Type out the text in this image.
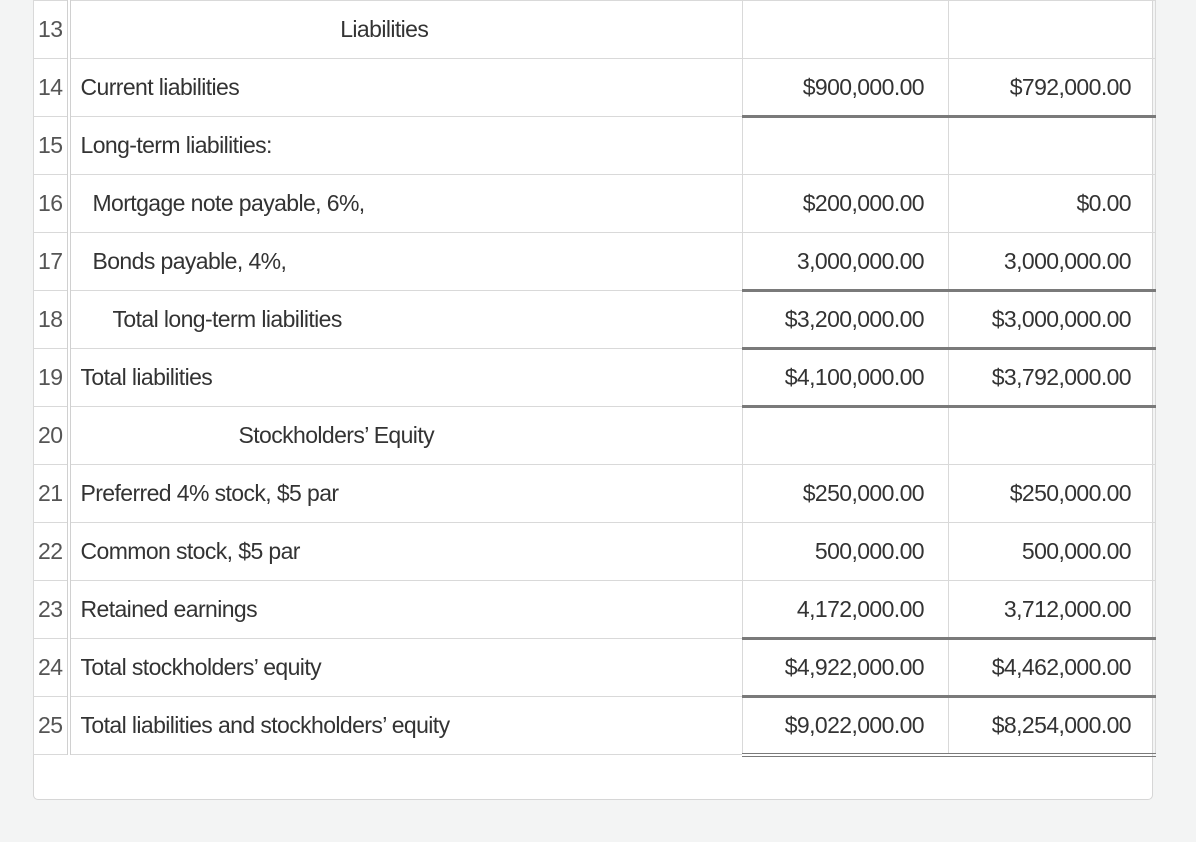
13	Liabilities		
14	Current liabilities	$900,000.00	$792,000.00
15	Long-term liabilities:		
16	Mortgage note payable, 6%,	$200,000.00	$0.00
17	Bonds payable, 4%,	3,000,000.00	3,000,000.00
18	Total long-term liabilities	$3,200,000.00	$3,000,000.00
19	Total liabilities	$4,100,000.00	$3,792,000.00
20	Stockholders’ Equity		
21	Preferred 4% stock, $5 par	$250,000.00	$250,000.00
22	Common stock, $5 par	500,000.00	500,000.00
23	Retained earnings	4,172,000.00	3,712,000.00
24	Total stockholders’ equity	$4,922,000.00	$4,462,000.00
25	Total liabilities and stockholders’ equity	$9,022,000.00	$8,254,000.00
